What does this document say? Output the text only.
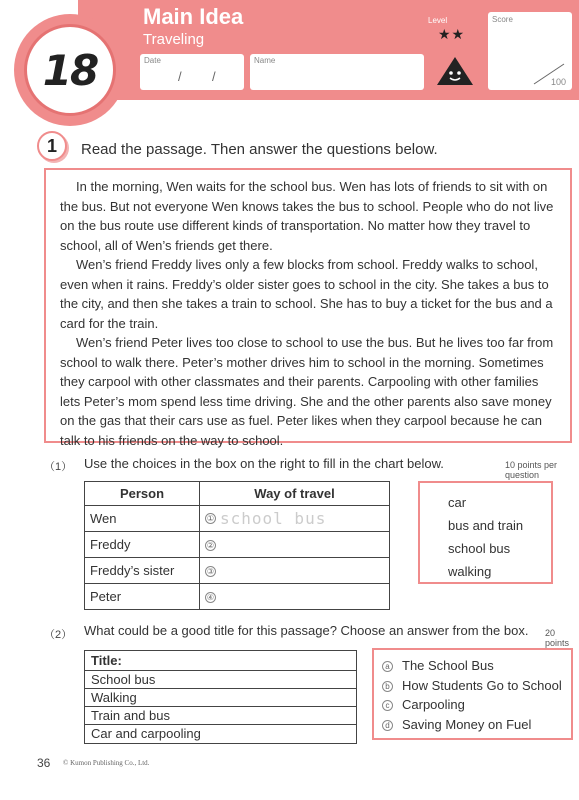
18
Main Idea
Traveling
Date
/ /
Name
Level
★★
Score
100
1	Read the passage. Then answer the questions below.

In the morning, Wen waits for the school bus. Wen has lots of friends to sit with on the bus. But not everyone Wen knows takes the bus to school. People who do not live on the bus route use different kinds of transportation. No matter how they travel to school, all of Wen’s friends get there.

Wen’s friend Freddy lives only a few blocks from school. Freddy walks to school, even when it rains. Freddy’s older sister goes to school in the city. She takes a bus to the city, and then she takes a train to school. She has to buy a ticket for the bus and a card for the train.

Wen’s friend Peter lives too close to school to use the bus. But he lives too far from school to walk there. Peter’s mother drives him to school in the morning. Sometimes they carpool with other classmates and their parents. Carpooling with other families lets Peter’s mom spend less time driving. She and the other parents also save money on the gas that their cars use as fuel. Peter likes when they carpool because he can talk to his friends on the way to school.

（1） Use the choices in the box on the right to fill in the chart below.	10 points per question
Person	Way of travel
Wen	① school bus
Freddy	②
Freddy’s sister	③
Peter	④
car
bus and train
school bus
walking
（2） What could be a good title for this passage? Choose an answer from the box. 20 points
Title:
School bus
Walking
Train and bus
Car and carpooling
a The School Bus
b How Students Go to School
c Carpooling
d Saving Money on Fuel
36 © Kumon Publishing Co., Ltd.
